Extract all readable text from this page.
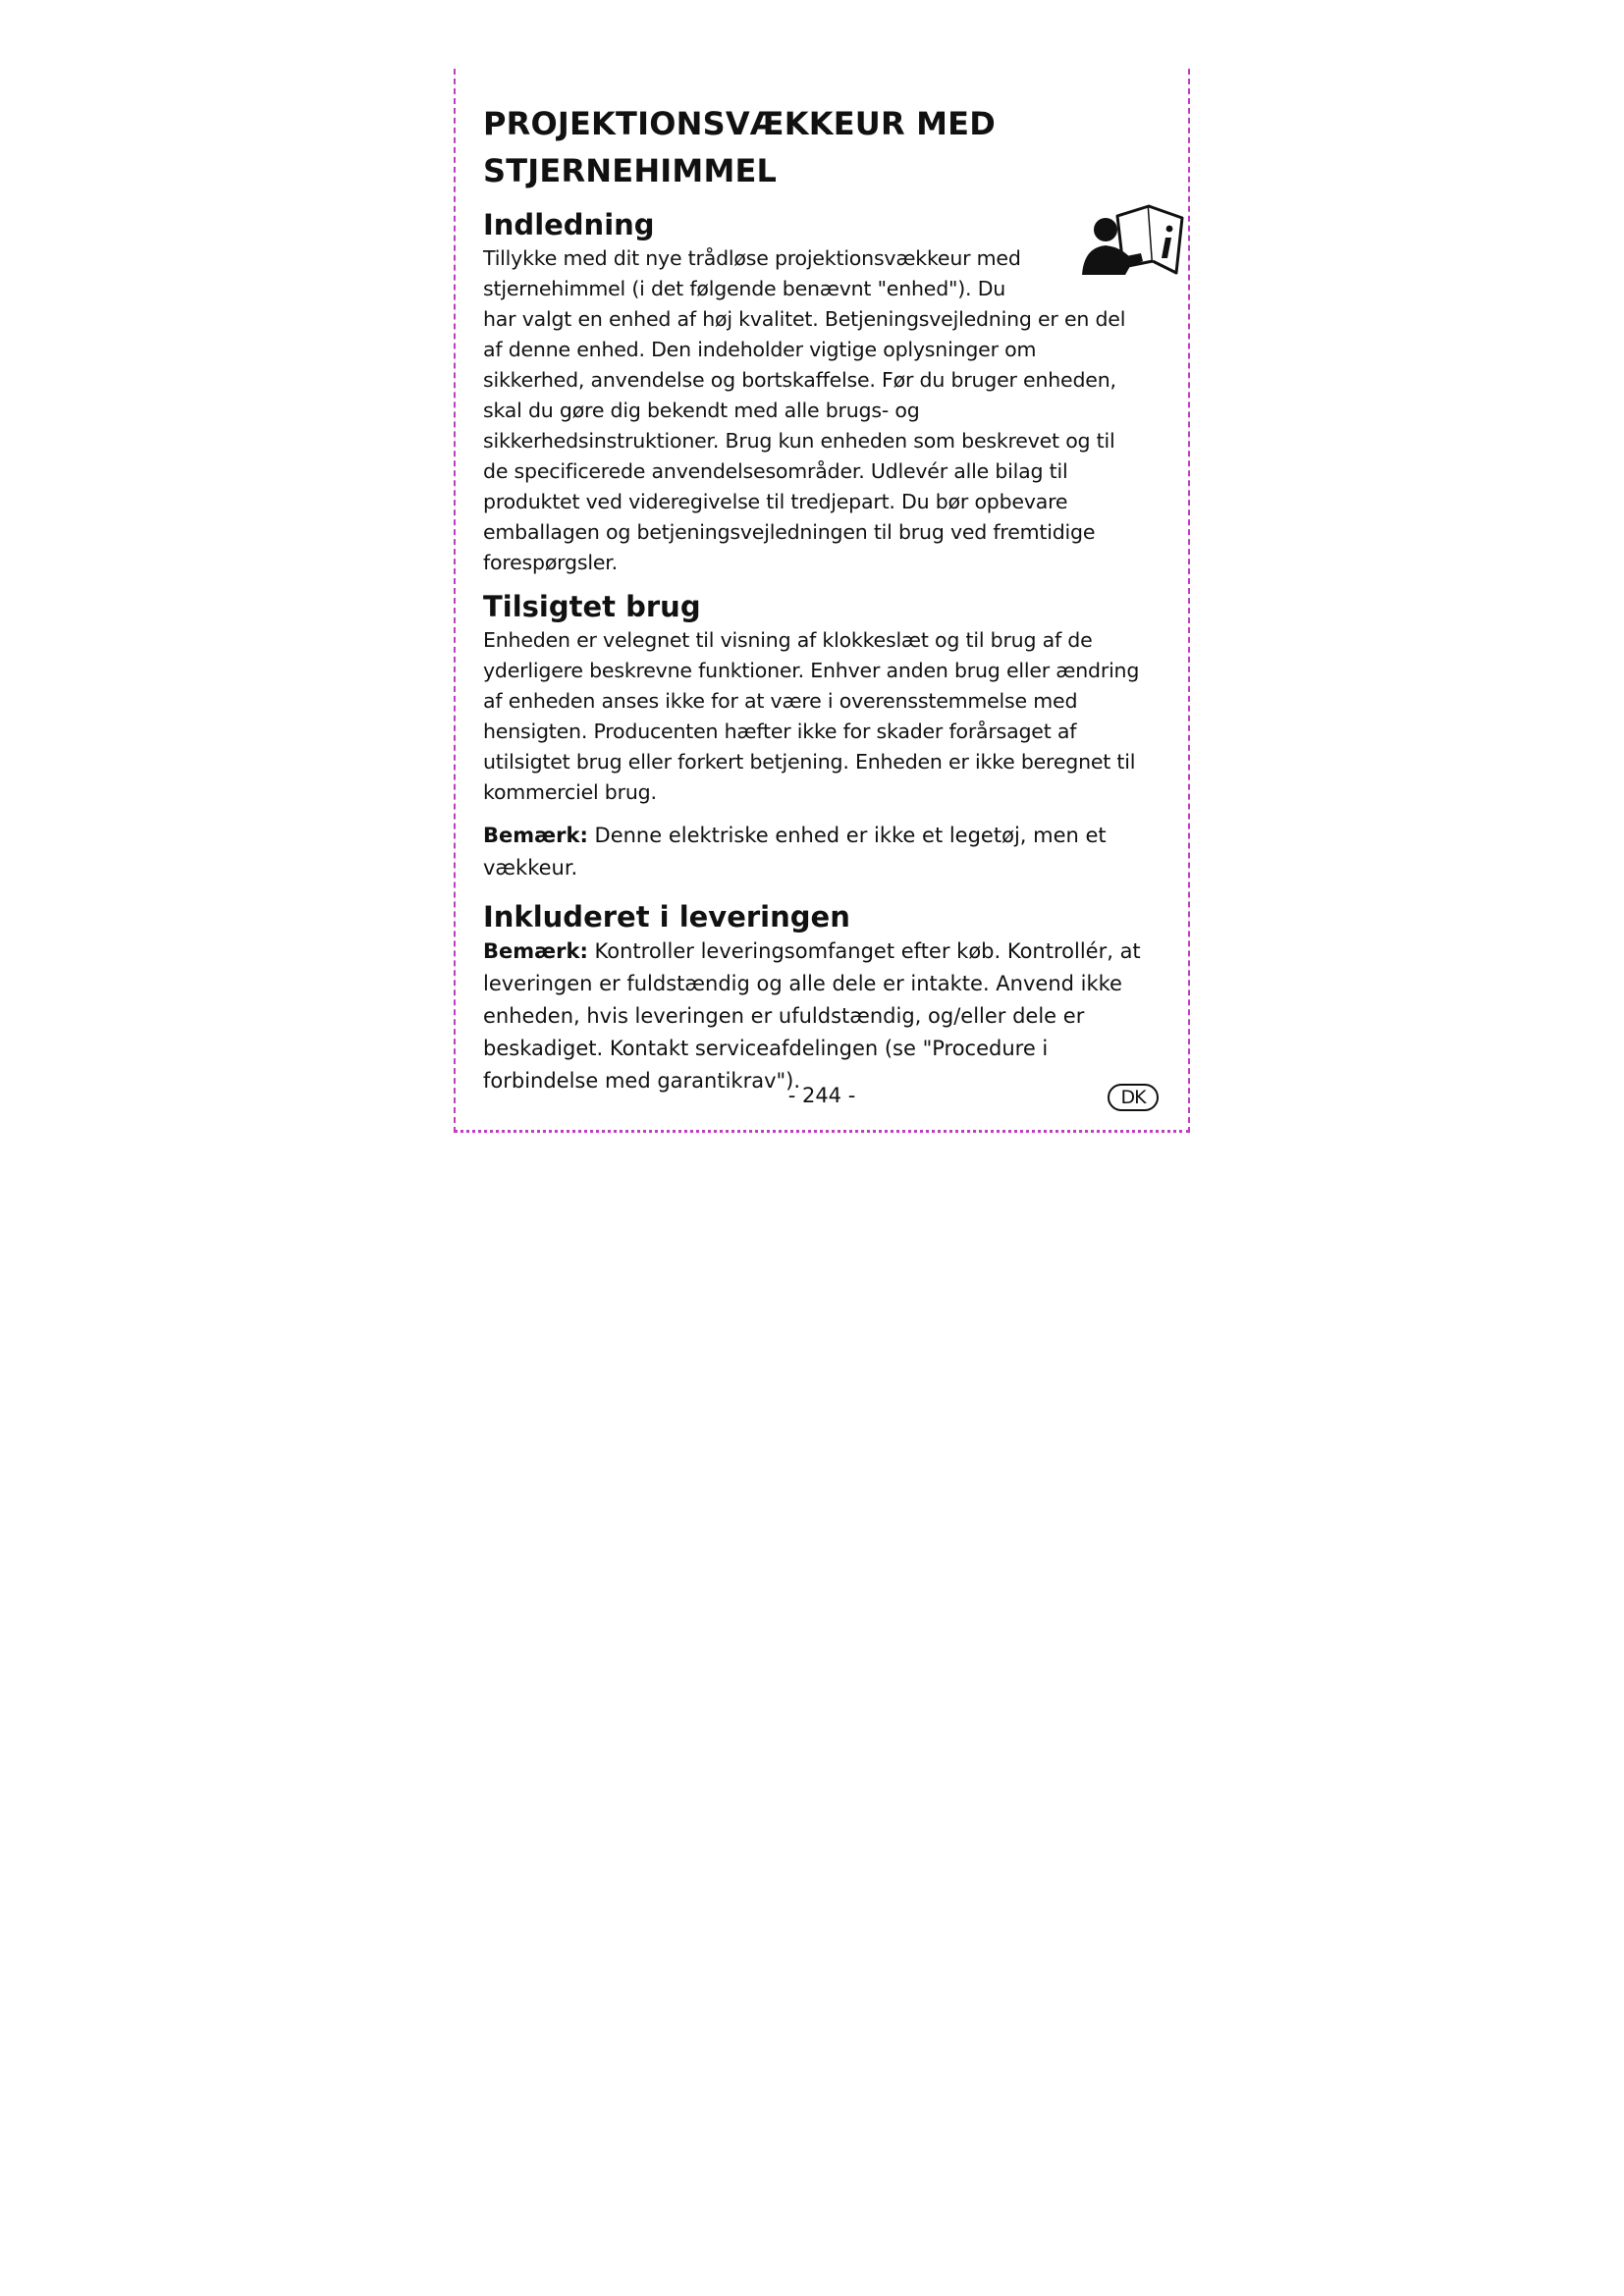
PROJEKTIONSVÆKKEUR MED STJERNEHIMMEL
Indledning

Tillykke med dit nye trådløse projektionsvækkeur med stjernehimmel (i det følgende benævnt "enhed"). Du har valgt en enhed af høj kvalitet. Betjeningsvejledning er en del af denne enhed. Den indeholder vigtige oplysninger om sikkerhed, anvendelse og bortskaffelse. Før du bruger enheden, skal du gøre dig bekendt med alle brugs- og sikkerhedsinstruktioner. Brug kun enheden som beskrevet og til de specificerede anvendelsesområder. Udlevér alle bilag til produktet ved videregivelse til tredjepart. Du bør opbevare emballagen og betjeningsvejledningen til brug ved fremtidige forespørgsler.

Tilsigtet brug

Enheden er velegnet til visning af klokkeslæt og til brug af de yderligere beskrevne funktioner. Enhver anden brug eller ændring af enheden anses ikke for at være i overensstemmelse med hensigten. Producenten hæfter ikke for skader forårsaget af utilsigtet brug eller forkert betjening. Enheden er ikke beregnet til kommerciel brug.

Bemærk: Denne elektriske enhed er ikke et legetøj, men et vækkeur.

Inkluderet i leveringen

Bemærk: Kontroller leveringsomfanget efter køb. Kontrollér, at leveringen er fuldstændig og alle dele er intakte. Anvend ikke enheden, hvis leveringen er ufuldstændig, og/eller dele er beskadiget. Kontakt serviceafdelingen (se "Procedure i forbindelse med garantikrav").

- 244 -	DK
